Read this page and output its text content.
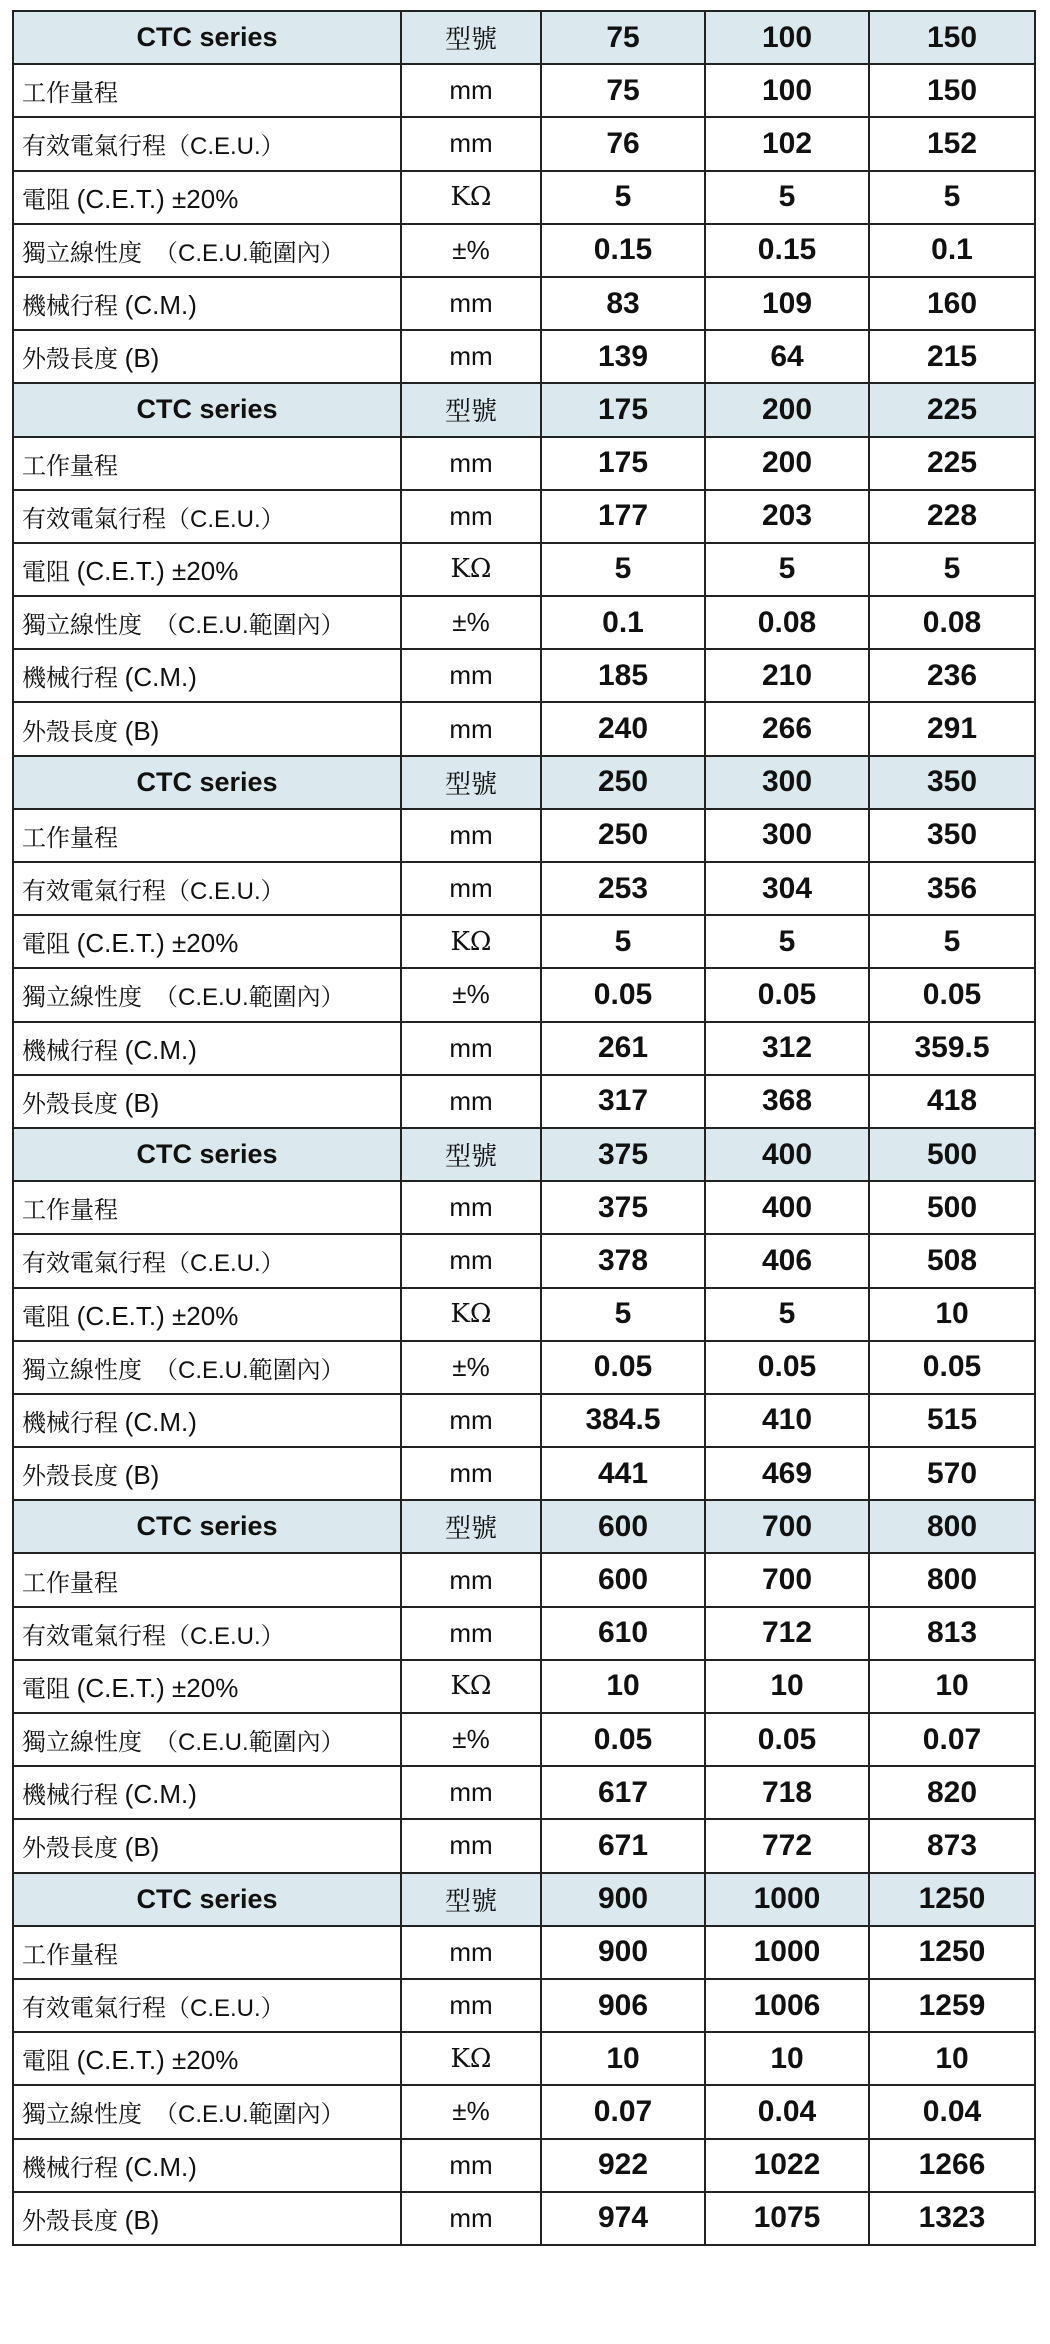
CTC series	型號	75	100	150
工作量程	mm	75	100	150
有效電氣行程（C.E.U.）	mm	76	102	152
電阻 (C.E.T.) ±20%	KΩ	5	5	5
獨立線性度　（C.E.U.範圍內）	±%	0.15	0.15	0.1
機械行程 (C.M.)	mm	83	109	160
外殼長度 (B)	mm	139	64	215
CTC series	型號	175	200	225
工作量程	mm	175	200	225
有效電氣行程（C.E.U.）	mm	177	203	228
電阻 (C.E.T.) ±20%	KΩ	5	5	5
獨立線性度　（C.E.U.範圍內）	±%	0.1	0.08	0.08
機械行程 (C.M.)	mm	185	210	236
外殼長度 (B)	mm	240	266	291
CTC series	型號	250	300	350
工作量程	mm	250	300	350
有效電氣行程（C.E.U.）	mm	253	304	356
電阻 (C.E.T.) ±20%	KΩ	5	5	5
獨立線性度　（C.E.U.範圍內）	±%	0.05	0.05	0.05
機械行程 (C.M.)	mm	261	312	359.5
外殼長度 (B)	mm	317	368	418
CTC series	型號	375	400	500
工作量程	mm	375	400	500
有效電氣行程（C.E.U.）	mm	378	406	508
電阻 (C.E.T.) ±20%	KΩ	5	5	10
獨立線性度　（C.E.U.範圍內）	±%	0.05	0.05	0.05
機械行程 (C.M.)	mm	384.5	410	515
外殼長度 (B)	mm	441	469	570
CTC series	型號	600	700	800
工作量程	mm	600	700	800
有效電氣行程（C.E.U.）	mm	610	712	813
電阻 (C.E.T.) ±20%	KΩ	10	10	10
獨立線性度　（C.E.U.範圍內）	±%	0.05	0.05	0.07
機械行程 (C.M.)	mm	617	718	820
外殼長度 (B)	mm	671	772	873
CTC series	型號	900	1000	1250
工作量程	mm	900	1000	1250
有效電氣行程（C.E.U.）	mm	906	1006	1259
電阻 (C.E.T.) ±20%	KΩ	10	10	10
獨立線性度　（C.E.U.範圍內）	±%	0.07	0.04	0.04
機械行程 (C.M.)	mm	922	1022	1266
外殼長度 (B)	mm	974	1075	1323
